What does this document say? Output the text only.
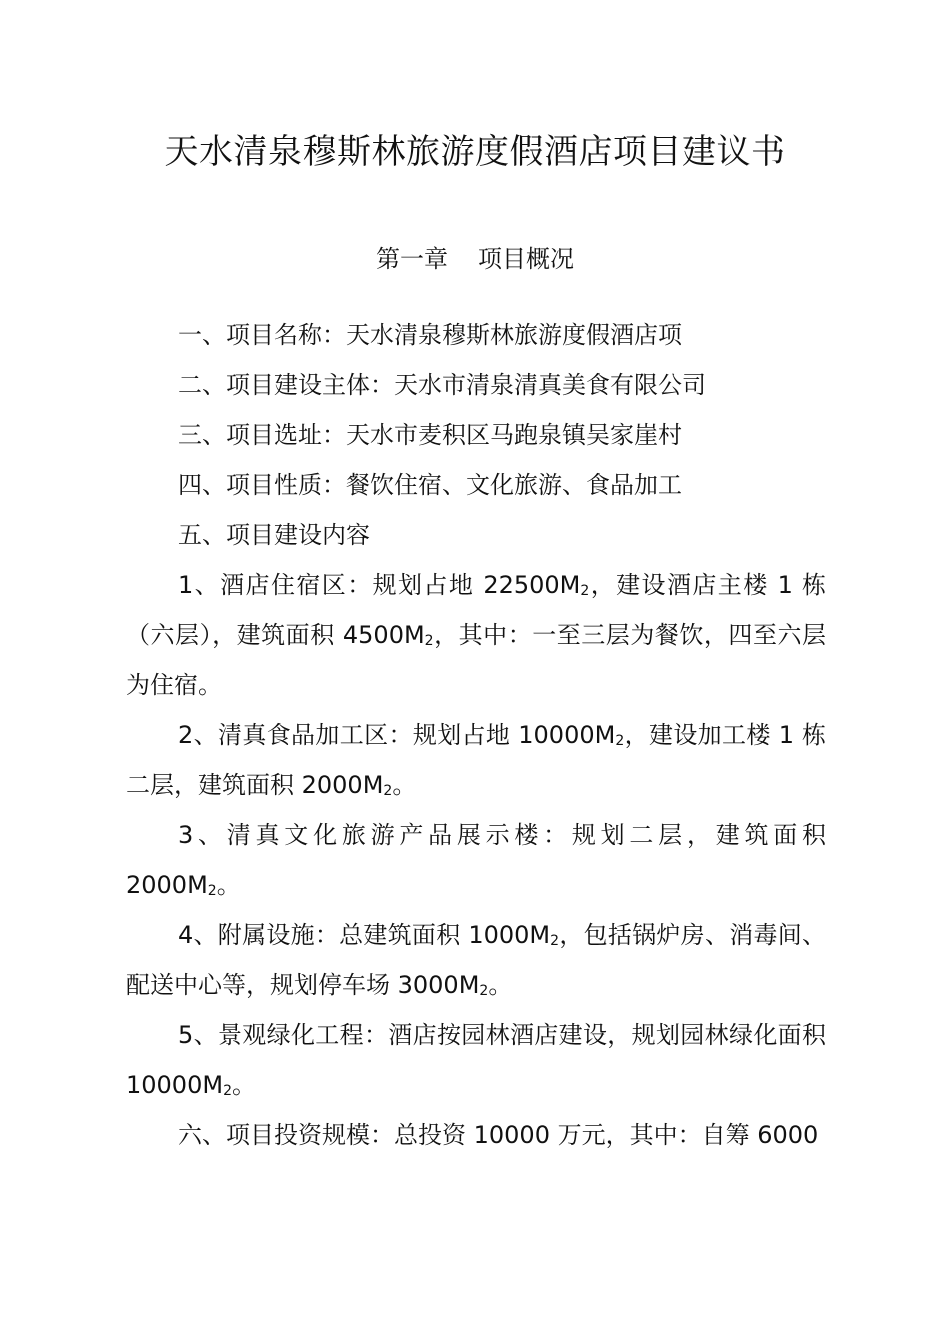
天水清泉穆斯林旅游度假酒店项目建议书
第一章 项目概况

一、项目名称：天水清泉穆斯林旅游度假酒店项

二、项目建设主体：天水市清泉清真美食有限公司

三、项目选址：天水市麦积区马跑泉镇吴家崖村

四、项目性质：餐饮住宿、文化旅游、食品加工

五、项目建设内容

1、酒店住宿区：规划占地 $22500M_2$，建设酒店主楼 1 栋（六层），建筑面积 $4500M_2$，其中：一至三层为餐饮，四至六层为住宿。

2、清真食品加工区：规划占地 $10000M_2$，建设加工楼 1 栋二层，建筑面积 $2000M_2$。

3、清真文化旅游产品展示楼：规划二层，建筑面积 $2000M_2$。

4、附属设施：总建筑面积 $1000M_2$，包括锅炉房、消毒间、配送中心等，规划停车场 $3000M_2$。

5、景观绿化工程：酒店按园林酒店建设，规划园林绿化面积 $10000M_2$。

六、项目投资规模：总投资 10000 万元，其中：自筹 6000
